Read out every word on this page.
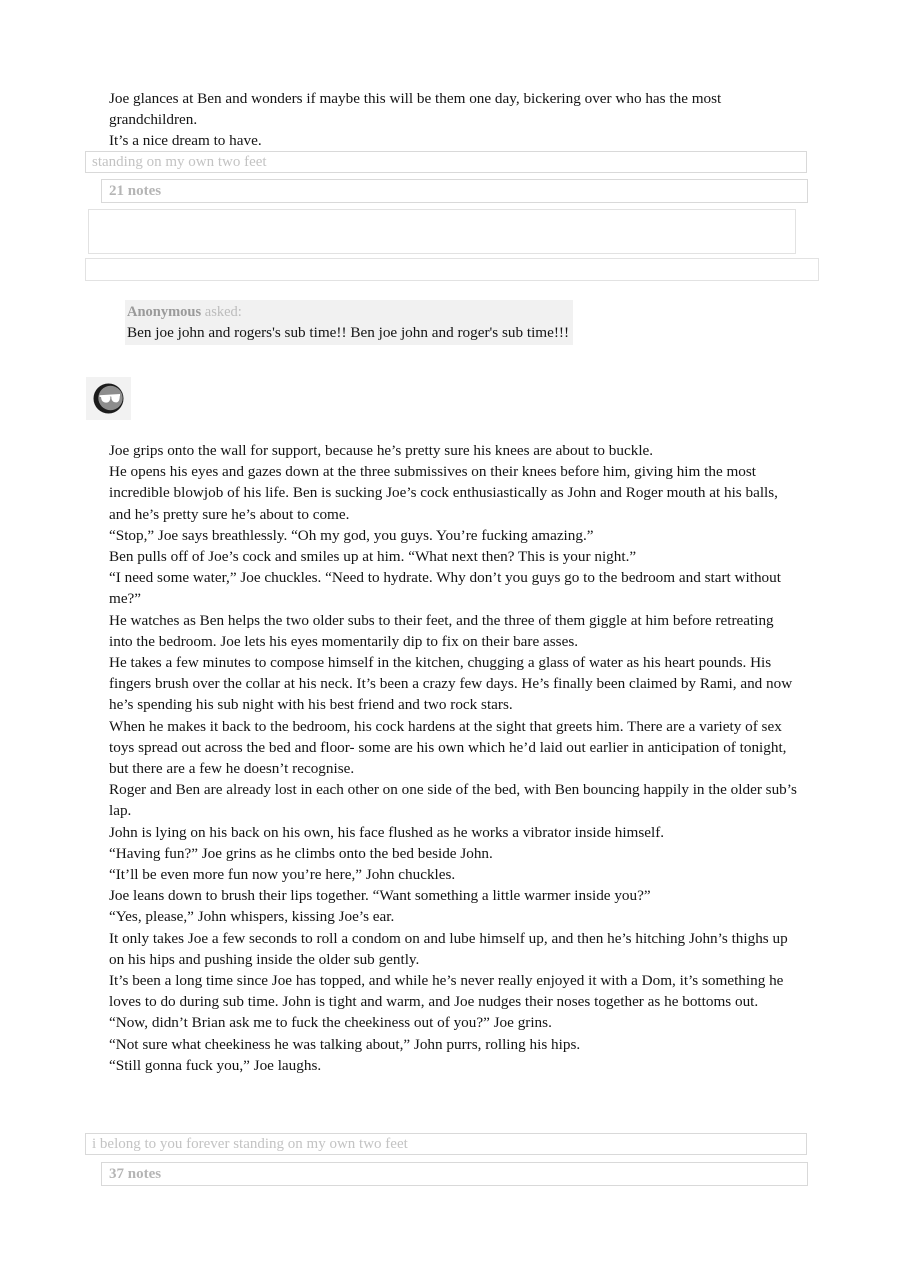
Joe glances at Ben and wonders if maybe this will be them one day, bickering over who has the most grandchildren.

It’s a nice dream to have.

standing on my own two feet
21 notes
Anonymous asked:
Ben joe john and rogers's sub time!! Ben joe john and roger's sub time!!!

Joe grips onto the wall for support, because he’s pretty sure his knees are about to buckle.

He opens his eyes and gazes down at the three submissives on their knees before him, giving him the most incredible blowjob of his life. Ben is sucking Joe’s cock enthusiastically as John and Roger mouth at his balls, and he’s pretty sure he’s about to come.

“Stop,” Joe says breathlessly. “Oh my god, you guys. You’re fucking amazing.”

Ben pulls off of Joe’s cock and smiles up at him. “What next then? This is your night.”

“I need some water,” Joe chuckles. “Need to hydrate. Why don’t you guys go to the bedroom and start without me?”

He watches as Ben helps the two older subs to their feet, and the three of them giggle at him before retreating into the bedroom. Joe lets his eyes momentarily dip to fix on their bare asses.

He takes a few minutes to compose himself in the kitchen, chugging a glass of water as his heart pounds. His fingers brush over the collar at his neck. It’s been a crazy few days. He’s finally been claimed by Rami, and now he’s spending his sub night with his best friend and two rock stars.

When he makes it back to the bedroom, his cock hardens at the sight that greets him. There are a variety of sex toys spread out across the bed and floor- some are his own which he’d laid out earlier in anticipation of tonight, but there are a few he doesn’t recognise.

Roger and Ben are already lost in each other on one side of the bed, with Ben bouncing happily in the older sub’s lap.

John is lying on his back on his own, his face flushed as he works a vibrator inside himself.

“Having fun?” Joe grins as he climbs onto the bed beside John.

“It’ll be even more fun now you’re here,” John chuckles.

Joe leans down to brush their lips together. “Want something a little warmer inside you?”

“Yes, please,” John whispers, kissing Joe’s ear.

It only takes Joe a few seconds to roll a condom on and lube himself up, and then he’s hitching John’s thighs up on his hips and pushing inside the older sub gently.

It’s been a long time since Joe has topped, and while he’s never really enjoyed it with a Dom, it’s something he loves to do during sub time. John is tight and warm, and Joe nudges their noses together as he bottoms out.

“Now, didn’t Brian ask me to fuck the cheekiness out of you?” Joe grins.

“Not sure what cheekiness he was talking about,” John purrs, rolling his hips.

“Still gonna fuck you,” Joe laughs.

i belong to you forever standing on my own two feet
37 notes
